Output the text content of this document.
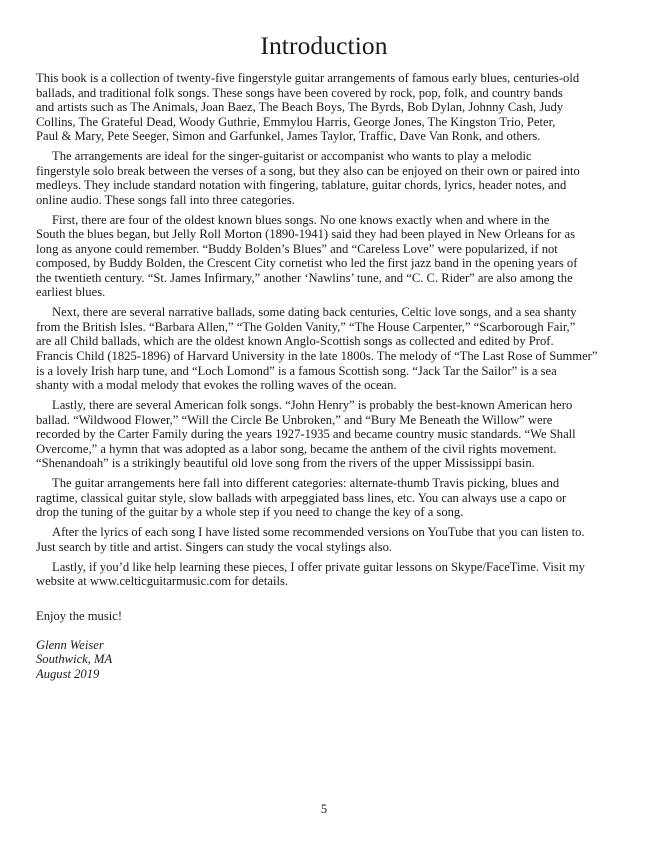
Introduction
This book is a collection of twenty-five fingerstyle guitar arrangements of famous early blues, centuries-old
ballads, and traditional folk songs. These songs have been covered by rock, pop, folk, and country bands
and artists such as The Animals, Joan Baez, The Beach Boys, The Byrds, Bob Dylan, Johnny Cash, Judy
Collins, The Grateful Dead, Woody Guthrie, Emmylou Harris, George Jones, The Kingston Trio, Peter,
Paul & Mary, Pete Seeger, Simon and Garfunkel, James Taylor, Traffic, Dave Van Ronk, and others.
The arrangements are ideal for the singer-guitarist or accompanist who wants to play a melodic
fingerstyle solo break between the verses of a song, but they also can be enjoyed on their own or paired into
medleys. They include standard notation with fingering, tablature, guitar chords, lyrics, header notes, and
online audio. These songs fall into three categories.
First, there are four of the oldest known blues songs. No one knows exactly when and where in the
South the blues began, but Jelly Roll Morton (1890-1941) said they had been played in New Orleans for as
long as anyone could remember. “Buddy Bolden’s Blues” and “Careless Love” were popularized, if not
composed, by Buddy Bolden, the Crescent City cornetist who led the first jazz band in the opening years of
the twentieth century. “St. James Infirmary,” another ‘Nawlins’ tune, and “C. C. Rider” are also among the
earliest blues.
Next, there are several narrative ballads, some dating back centuries, Celtic love songs, and a sea shanty
from the British Isles. “Barbara Allen,” “The Golden Vanity,” “The House Carpenter,” “Scarborough Fair,”
are all Child ballads, which are the oldest known Anglo-Scottish songs as collected and edited by Prof.
Francis Child (1825-1896) of Harvard University in the late 1800s. The melody of “The Last Rose of Summer”
is a lovely Irish harp tune, and “Loch Lomond” is a famous Scottish song. “Jack Tar the Sailor” is a sea
shanty with a modal melody that evokes the rolling waves of the ocean.
Lastly, there are several American folk songs. “John Henry” is probably the best-known American hero
ballad. “Wildwood Flower,” “Will the Circle Be Unbroken,” and “Bury Me Beneath the Willow” were
recorded by the Carter Family during the years 1927-1935 and became country music standards. “We Shall
Overcome,” a hymn that was adopted as a labor song, became the anthem of the civil rights movement.
“Shenandoah” is a strikingly beautiful old love song from the rivers of the upper Mississippi basin.
The guitar arrangements here fall into different categories: alternate-thumb Travis picking, blues and
ragtime, classical guitar style, slow ballads with arpeggiated bass lines, etc. You can always use a capo or
drop the tuning of the guitar by a whole step if you need to change the key of a song.
After the lyrics of each song I have listed some recommended versions on YouTube that you can listen to.
Just search by title and artist. Singers can study the vocal stylings also.
Lastly, if you’d like help learning these pieces, I offer private guitar lessons on Skype/FaceTime. Visit my
website at www.celticguitarmusic.com for details.
Enjoy the music!
Glenn Weiser
Southwick, MA
August 2019
5
